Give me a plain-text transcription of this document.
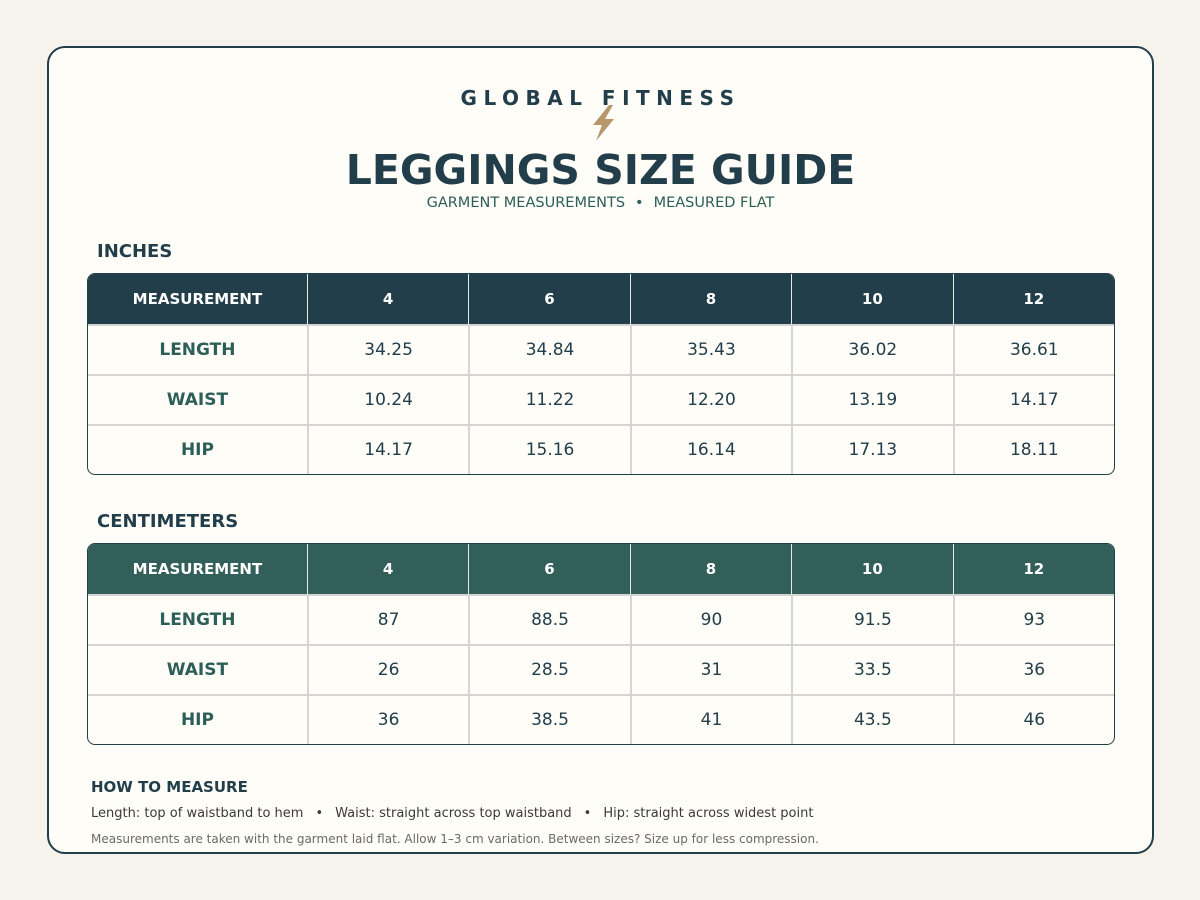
GLOBAL FITNESS
LEGGINGS SIZE GUIDE
GARMENT MEASUREMENTS • MEASURED FLAT
INCHES
MEASUREMENT	4	6	8	10	12
LENGTH	34.25	34.84	35.43	36.02	36.61
WAIST	10.24	11.22	12.20	13.19	14.17
HIP	14.17	15.16	16.14	17.13	18.11
CENTIMETERS
MEASUREMENT	4	6	8	10	12
LENGTH	87	88.5	90	91.5	93
WAIST	26	28.5	31	33.5	36
HIP	36	38.5	41	43.5	46
HOW TO MEASURE
Length: top of waistband to hem • Waist: straight across top waistband • Hip: straight across widest point
Measurements are taken with the garment laid flat. Allow 1–3 cm variation. Between sizes? Size up for less compression.
